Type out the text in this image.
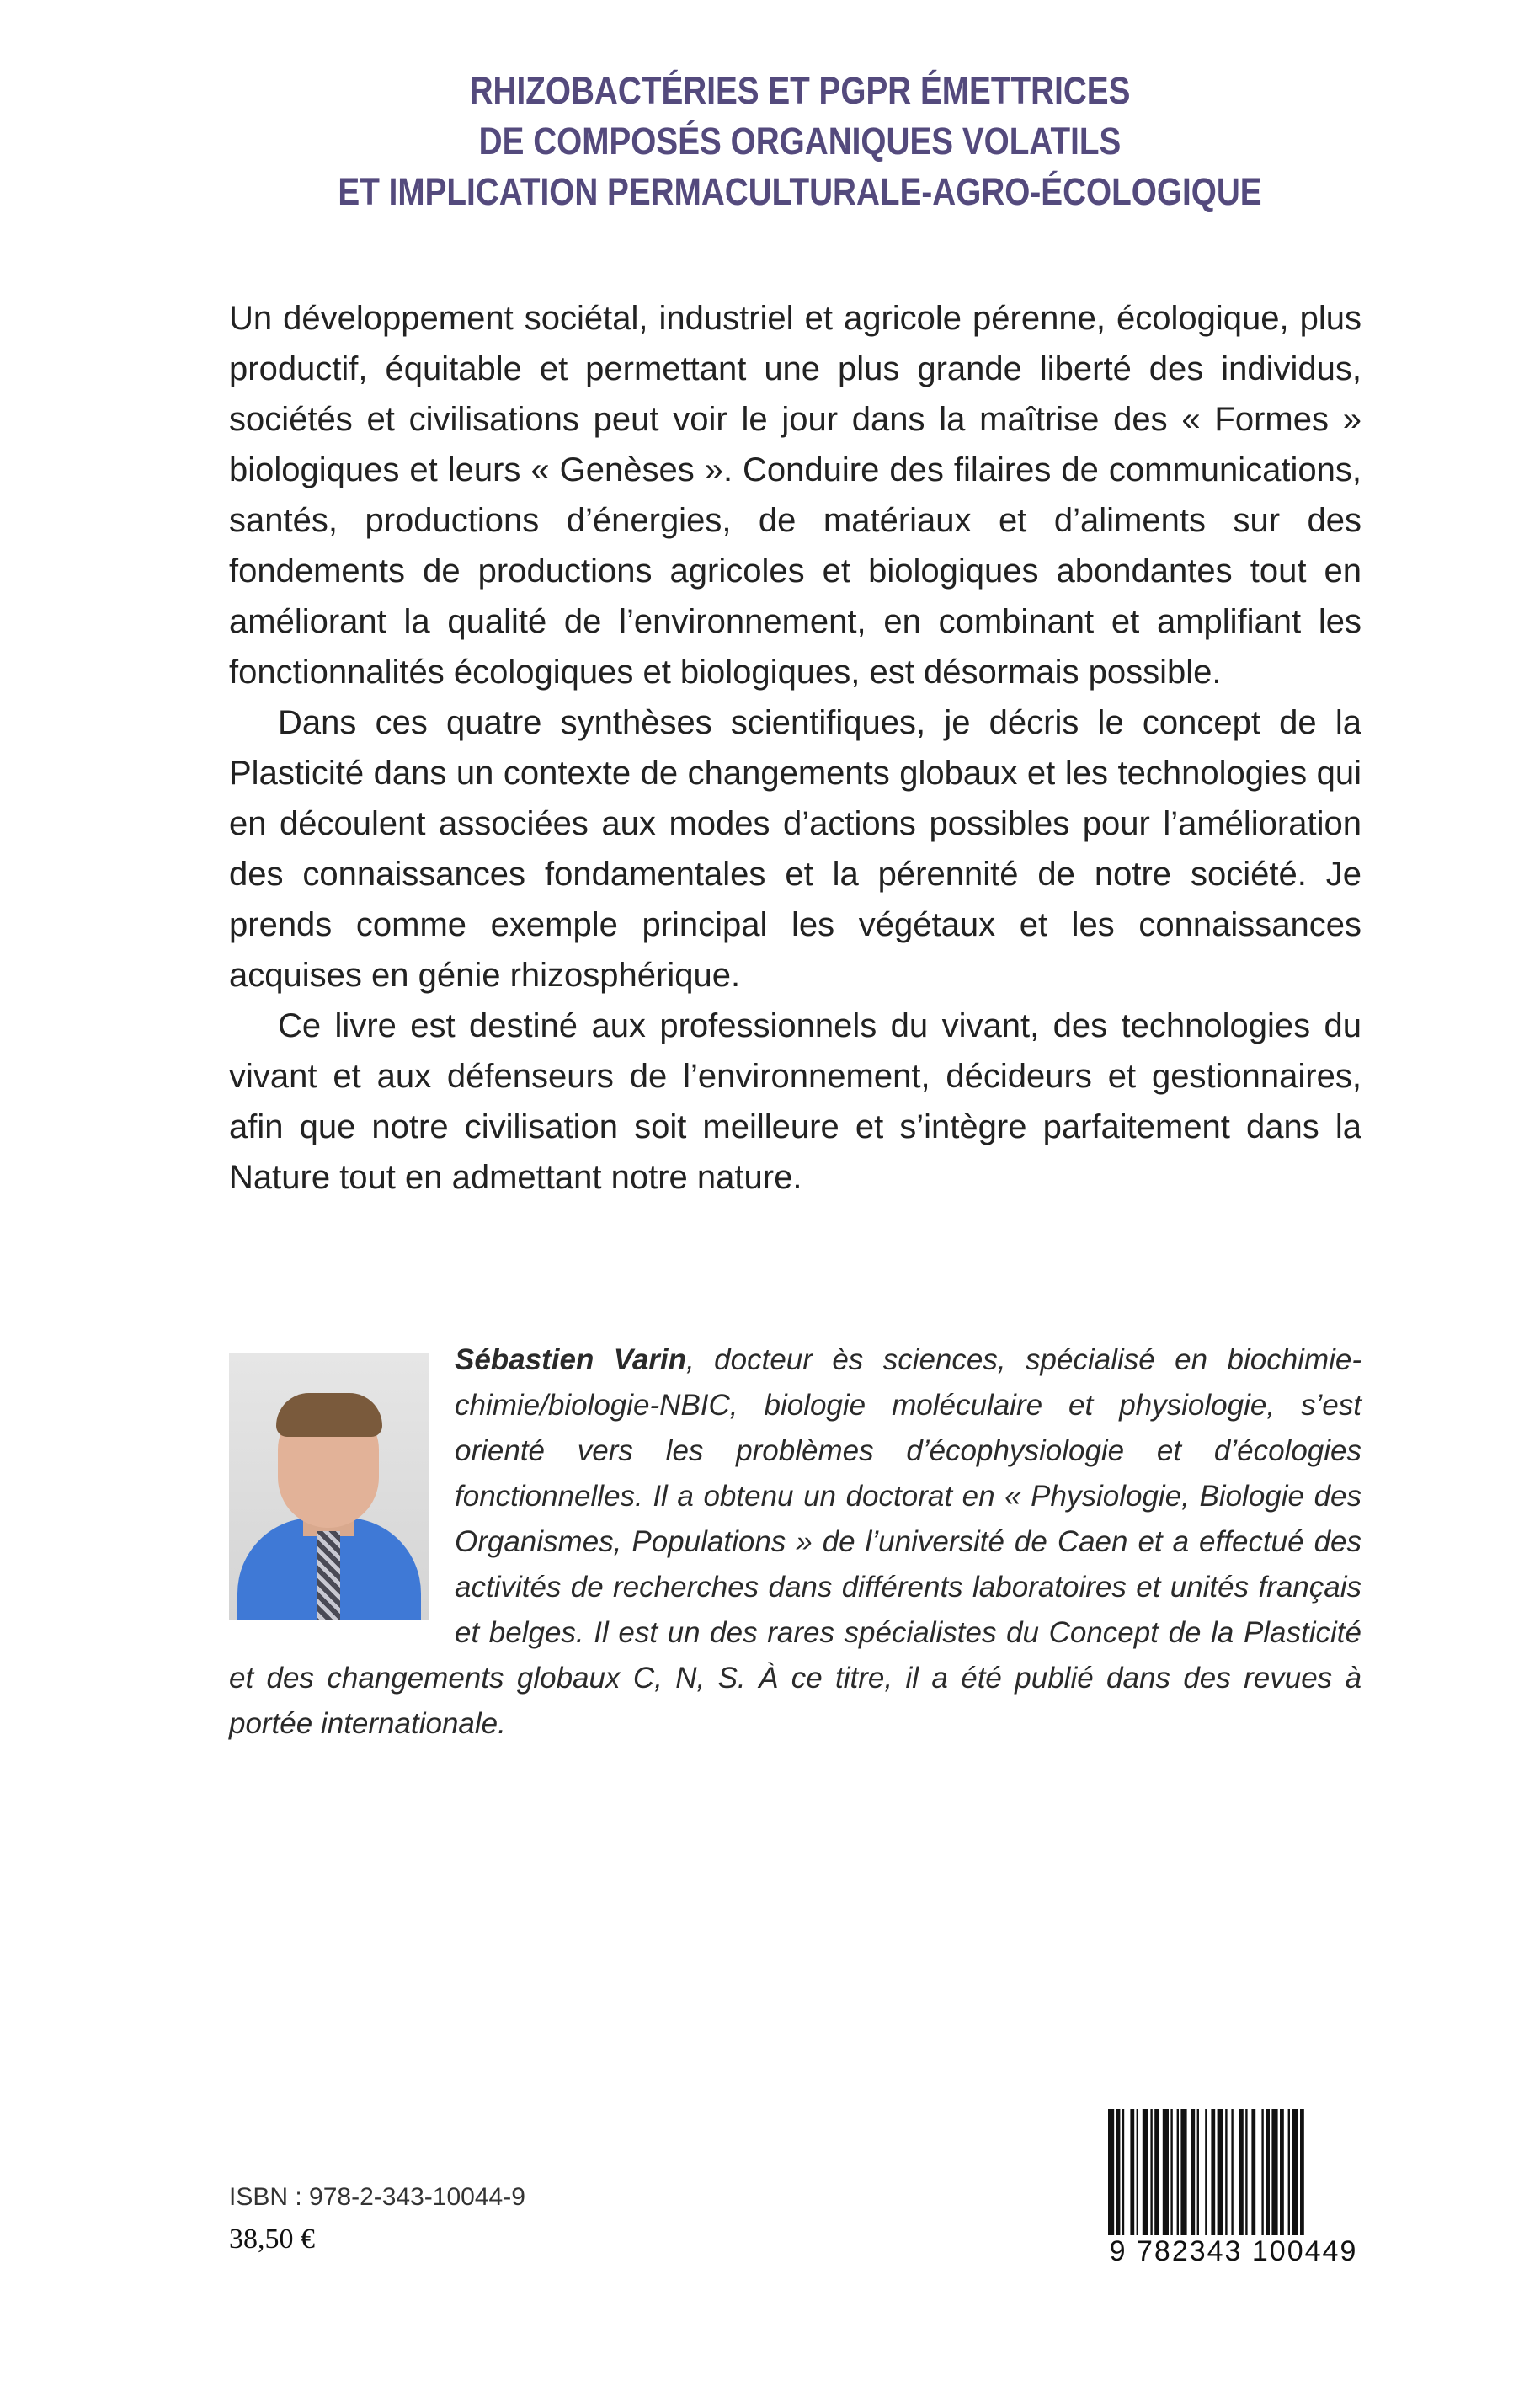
RHIZOBACTÉRIES ET PGPR ÉMETTRICES
DE COMPOSÉS ORGANIQUES VOLATILS
ET IMPLICATION PERMACULTURALE-AGRO-ÉCOLOGIQUE

Un développement sociétal, industriel et agricole pérenne, écologique, plus productif, équitable et permettant une plus grande liberté des individus, sociétés et civilisations peut voir le jour dans la maîtrise des « Formes » biologiques et leurs « Genèses ». Conduire des filaires de communications, santés, productions d’énergies, de matériaux et d’aliments sur des fondements de productions agricoles et biologiques abondantes tout en améliorant la qualité de l’environnement, en combinant et amplifiant les fonctionnalités écologiques et biologiques, est désormais possible.

Dans ces quatre synthèses scientifiques, je décris le concept de la Plasticité dans un contexte de changements globaux et les technologies qui en découlent associées aux modes d’actions possibles pour l’amélioration des connaissances fondamentales et la pérennité de notre société. Je prends comme exemple principal les végétaux et les connaissances acquises en génie rhizosphérique.

Ce livre est destiné aux professionnels du vivant, des technologies du vivant et aux défenseurs de l’environnement, décideurs et gestionnaires, afin que notre civilisation soit meilleure et s’intègre parfaitement dans la Nature tout en admettant notre nature.

Sébastien Varin, docteur ès sciences, spécialisé en biochimie-chimie/biologie-NBIC, biologie moléculaire et physiologie, s’est orienté vers les problèmes d’écophysiologie et d’écologies fonctionnelles. Il a obtenu un doctorat en « Physiologie, Biologie des Organismes, Populations » de l’université de Caen et a effectué des activités de recherches dans différents laboratoires et unités français et belges. Il est un des rares spécialistes du Concept de la Plasticité et des changements globaux C, N, S. À ce titre, il a été publié dans des revues à portée internationale.
ISBN : 978-2-343-10044-9
38,50 €	9 782343 100449
